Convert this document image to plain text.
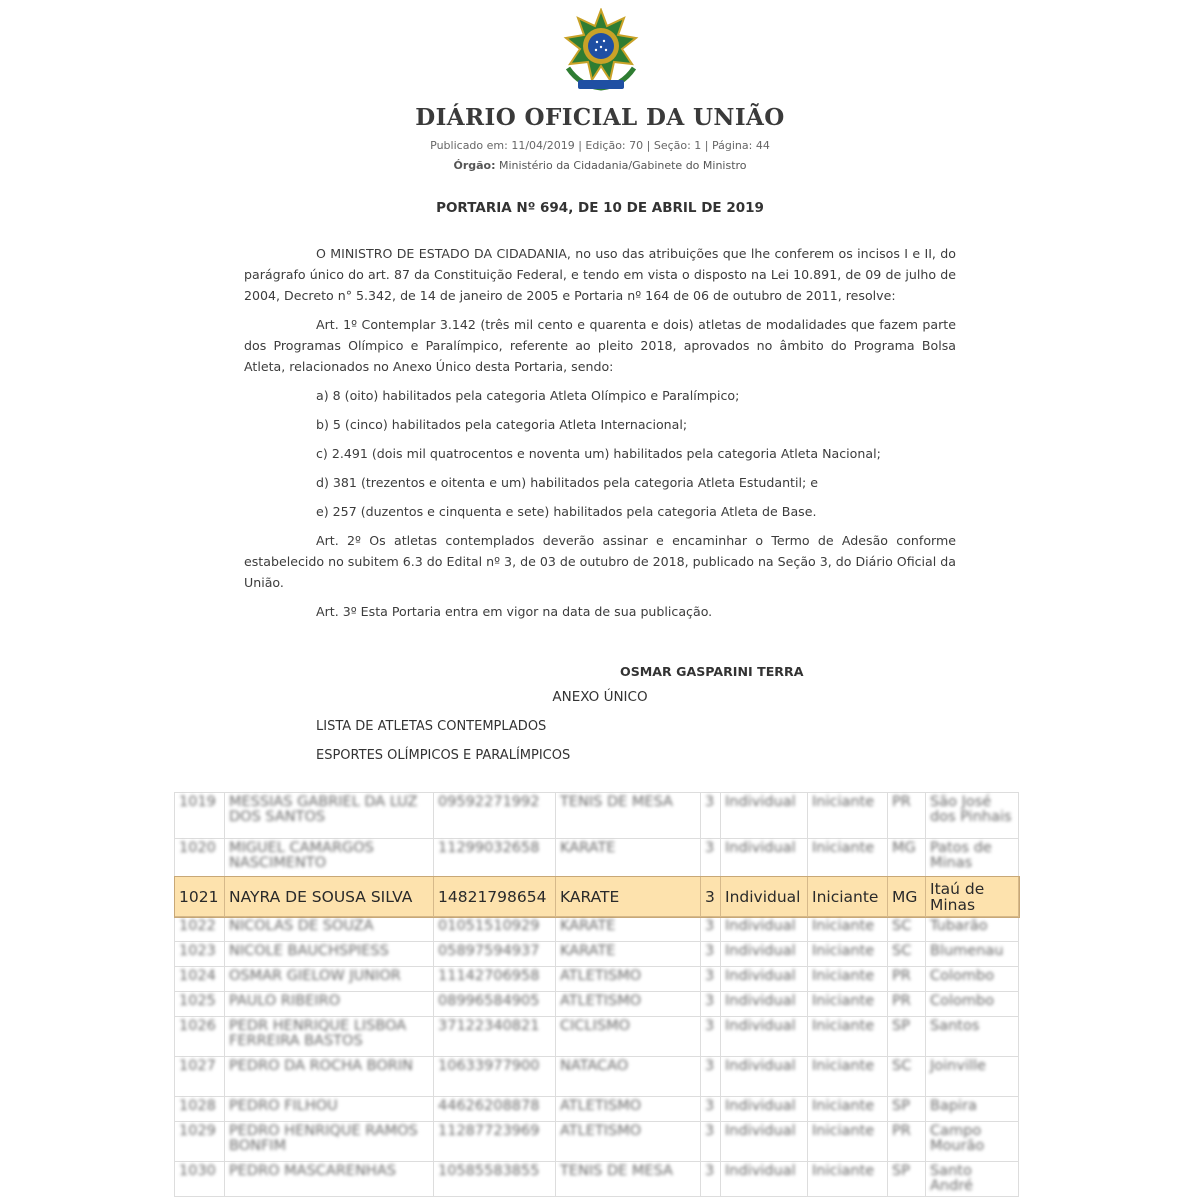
DIÁRIO OFICIAL DA UNIÃO
Publicado em: 11/04/2019 | Edição: 70 | Seção: 1 | Página: 44
Órgão: Ministério da Cidadania/Gabinete do Ministro
PORTARIA Nº 694, DE 10 DE ABRIL DE 2019

O MINISTRO DE ESTADO DA CIDADANIA, no uso das atribuições que lhe conferem os incisos I e II, do parágrafo único do art. 87 da Constituição Federal, e tendo em vista o disposto na Lei 10.891, de 09 de julho de 2004, Decreto n° 5.342, de 14 de janeiro de 2005 e Portaria nº 164 de 06 de outubro de 2011, resolve:

Art. 1º Contemplar 3.142 (três mil cento e quarenta e dois) atletas de modalidades que fazem parte dos Programas Olímpico e Paralímpico, referente ao pleito 2018, aprovados no âmbito do Programa Bolsa Atleta, relacionados no Anexo Único desta Portaria, sendo:

a) 8 (oito) habilitados pela categoria Atleta Olímpico e Paralímpico;

b) 5 (cinco) habilitados pela categoria Atleta Internacional;

c) 2.491 (dois mil quatrocentos e noventa um) habilitados pela categoria Atleta Nacional;

d) 381 (trezentos e oitenta e um) habilitados pela categoria Atleta Estudantil; e

e) 257 (duzentos e cinquenta e sete) habilitados pela categoria Atleta de Base.

Art. 2º Os atletas contemplados deverão assinar e encaminhar o Termo de Adesão conforme estabelecido no subitem 6.3 do Edital nº 3, de 03 de outubro de 2018, publicado na Seção 3, do Diário Oficial da União.

Art. 3º Esta Portaria entra em vigor na data de sua publicação.

OSMAR GASPARINI TERRA
ANEXO ÚNICO
LISTA DE ATLETAS CONTEMPLADOS
ESPORTES OLÍMPICOS E PARALÍMPICOS
1019	MESSIAS GABRIEL DA LUZ DOS SANTOS	09592271992	TENIS DE MESA	3	Individual	Iniciante	PR	São José dos Pinhais
1020	MIGUEL CAMARGOS NASCIMENTO	11299032658	KARATE	3	Individual	Iniciante	MG	Patos de Minas
1021	NAYRA DE SOUSA SILVA	14821798654	KARATE	3	Individual	Iniciante	MG	Itaú de Minas
1022	NICOLAS DE SOUZA	01051510929	KARATE	3	Individual	Iniciante	SC	Tubarão
1023	NICOLE BAUCHSPIESS	05897594937	KARATE	3	Individual	Iniciante	SC	Blumenau
1024	OSMAR GIELOW JUNIOR	11142706958	ATLETISMO	3	Individual	Iniciante	PR	Colombo
1025	PAULO RIBEIRO	08996584905	ATLETISMO	3	Individual	Iniciante	PR	Colombo
1026	PEDR HENRIQUE LISBOA FERREIRA BASTOS	37122340821	CICLISMO	3	Individual	Iniciante	SP	Santos
1027	PEDRO DA ROCHA BORIN	10633977900	NATACAO	3	Individual	Iniciante	SC	Joinville
1028	PEDRO FILHOU	44626208878	ATLETISMO	3	Individual	Iniciante	SP	Bapira
1029	PEDRO HENRIQUE RAMOS BONFIM	11287723969	ATLETISMO	3	Individual	Iniciante	PR	Campo Mourão
1030	PEDRO MASCARENHAS	10585583855	TENIS DE MESA	3	Individual	Iniciante	SP	Santo André
